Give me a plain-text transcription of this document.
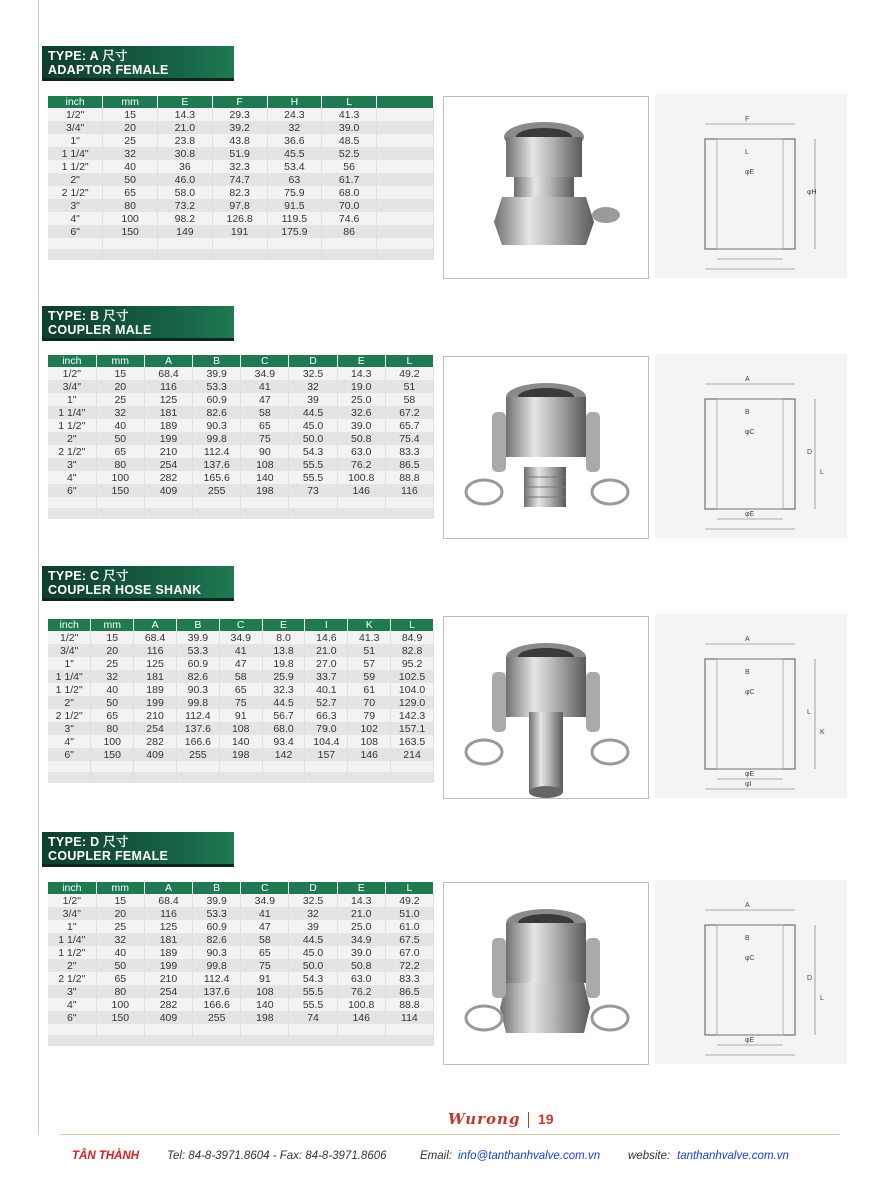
TYPE: A 尺寸
ADAPTOR FEMALE
inch	mm	E	F	H	L	
1/2"	15	14.3	29.3	24.3	41.3	
3/4"	20	21.0	39.2	32	39.0	
1"	25	23.8	43.8	36.6	48.5	
1 1/4"	32	30.8	51.9	45.5	52.5	
1 1/2"	40	36	32.3	53.4	56	
2"	50	46.0	74.7	63	61.7	
2 1/2"	65	58.0	82.3	75.9	68.0	
3"	80	73.2	97.8	91.5	70.0	
4"	100	98.2	126.8	119.5	74.6	
6"	150	149	191	175.9	86	

F
L
φE
φH
TYPE: B 尺寸
COUPLER MALE
inch	mm	A	B	C	D	E	L
1/2"	15	68.4	39.9	34.9	32.5	14.3	49.2
3/4"	20	116	53.3	41	32	19.0	51
1"	25	125	60.9	47	39	25.0	58
1 1/4"	32	181	82.6	58	44.5	32.6	67.2
1 1/2"	40	189	90.3	65	45.0	39.0	65.7
2"	50	199	99.8	75	50.0	50.8	75.4
2 1/2"	65	210	112.4	90	54.3	63.0	83.3
3"	80	254	137.6	108	55.5	76.2	86.5
4"	100	282	165.6	140	55.5	100.8	88.8
6"	150	409	255	198	73	146	116

A
B
φC
D
L
φE
TYPE: C 尺寸
COUPLER HOSE SHANK
inch	mm	A	B	C	E	I	K	L
1/2"	15	68.4	39.9	34.9	8.0	14.6	41.3	84.9
3/4"	20	116	53.3	41	13.8	21.0	51	82.8
1"	25	125	60.9	47	19.8	27.0	57	95.2
1 1/4"	32	181	82.6	58	25.9	33.7	59	102.5
1 1/2"	40	189	90.3	65	32.3	40.1	61	104.0
2"	50	199	99.8	75	44.5	52.7	70	129.0
2 1/2"	65	210	112.4	91	56.7	66.3	79	142.3
3"	80	254	137.6	108	68.0	79.0	102	157.1
4"	100	282	166.6	140	93.4	104.4	108	163.5
6"	150	409	255	198	142	157	146	214

A
B
φC
L
K
φE
φI
TYPE: D 尺寸
COUPLER FEMALE
inch	mm	A	B	C	D	E	L
1/2"	15	68.4	39.9	34.9	32.5	14.3	49.2
3/4"	20	116	53.3	41	32	21.0	51.0
1"	25	125	60.9	47	39	25.0	61.0
1 1/4"	32	181	82.6	58	44.5	34.9	67.5
1 1/2"	40	189	90.3	65	45.0	39.0	67.0
2"	50	199	99.8	75	50.0	50.8	72.2
2 1/2"	65	210	112.4	91	54.3	63.0	83.3
3"	80	254	137.6	108	55.5	76.2	86.5
4"	100	282	166.6	140	55.5	100.8	88.8
6"	150	409	255	198	74	146	114

A
B
φC
D
L
φE
Wurong 19
TÂN THÀNH Tel: 84-8-3971.8604 - Fax: 84-8-3971.8606	Email: info@tanthanhvalve.com.vn website: tanthanhvalve.com.vn
